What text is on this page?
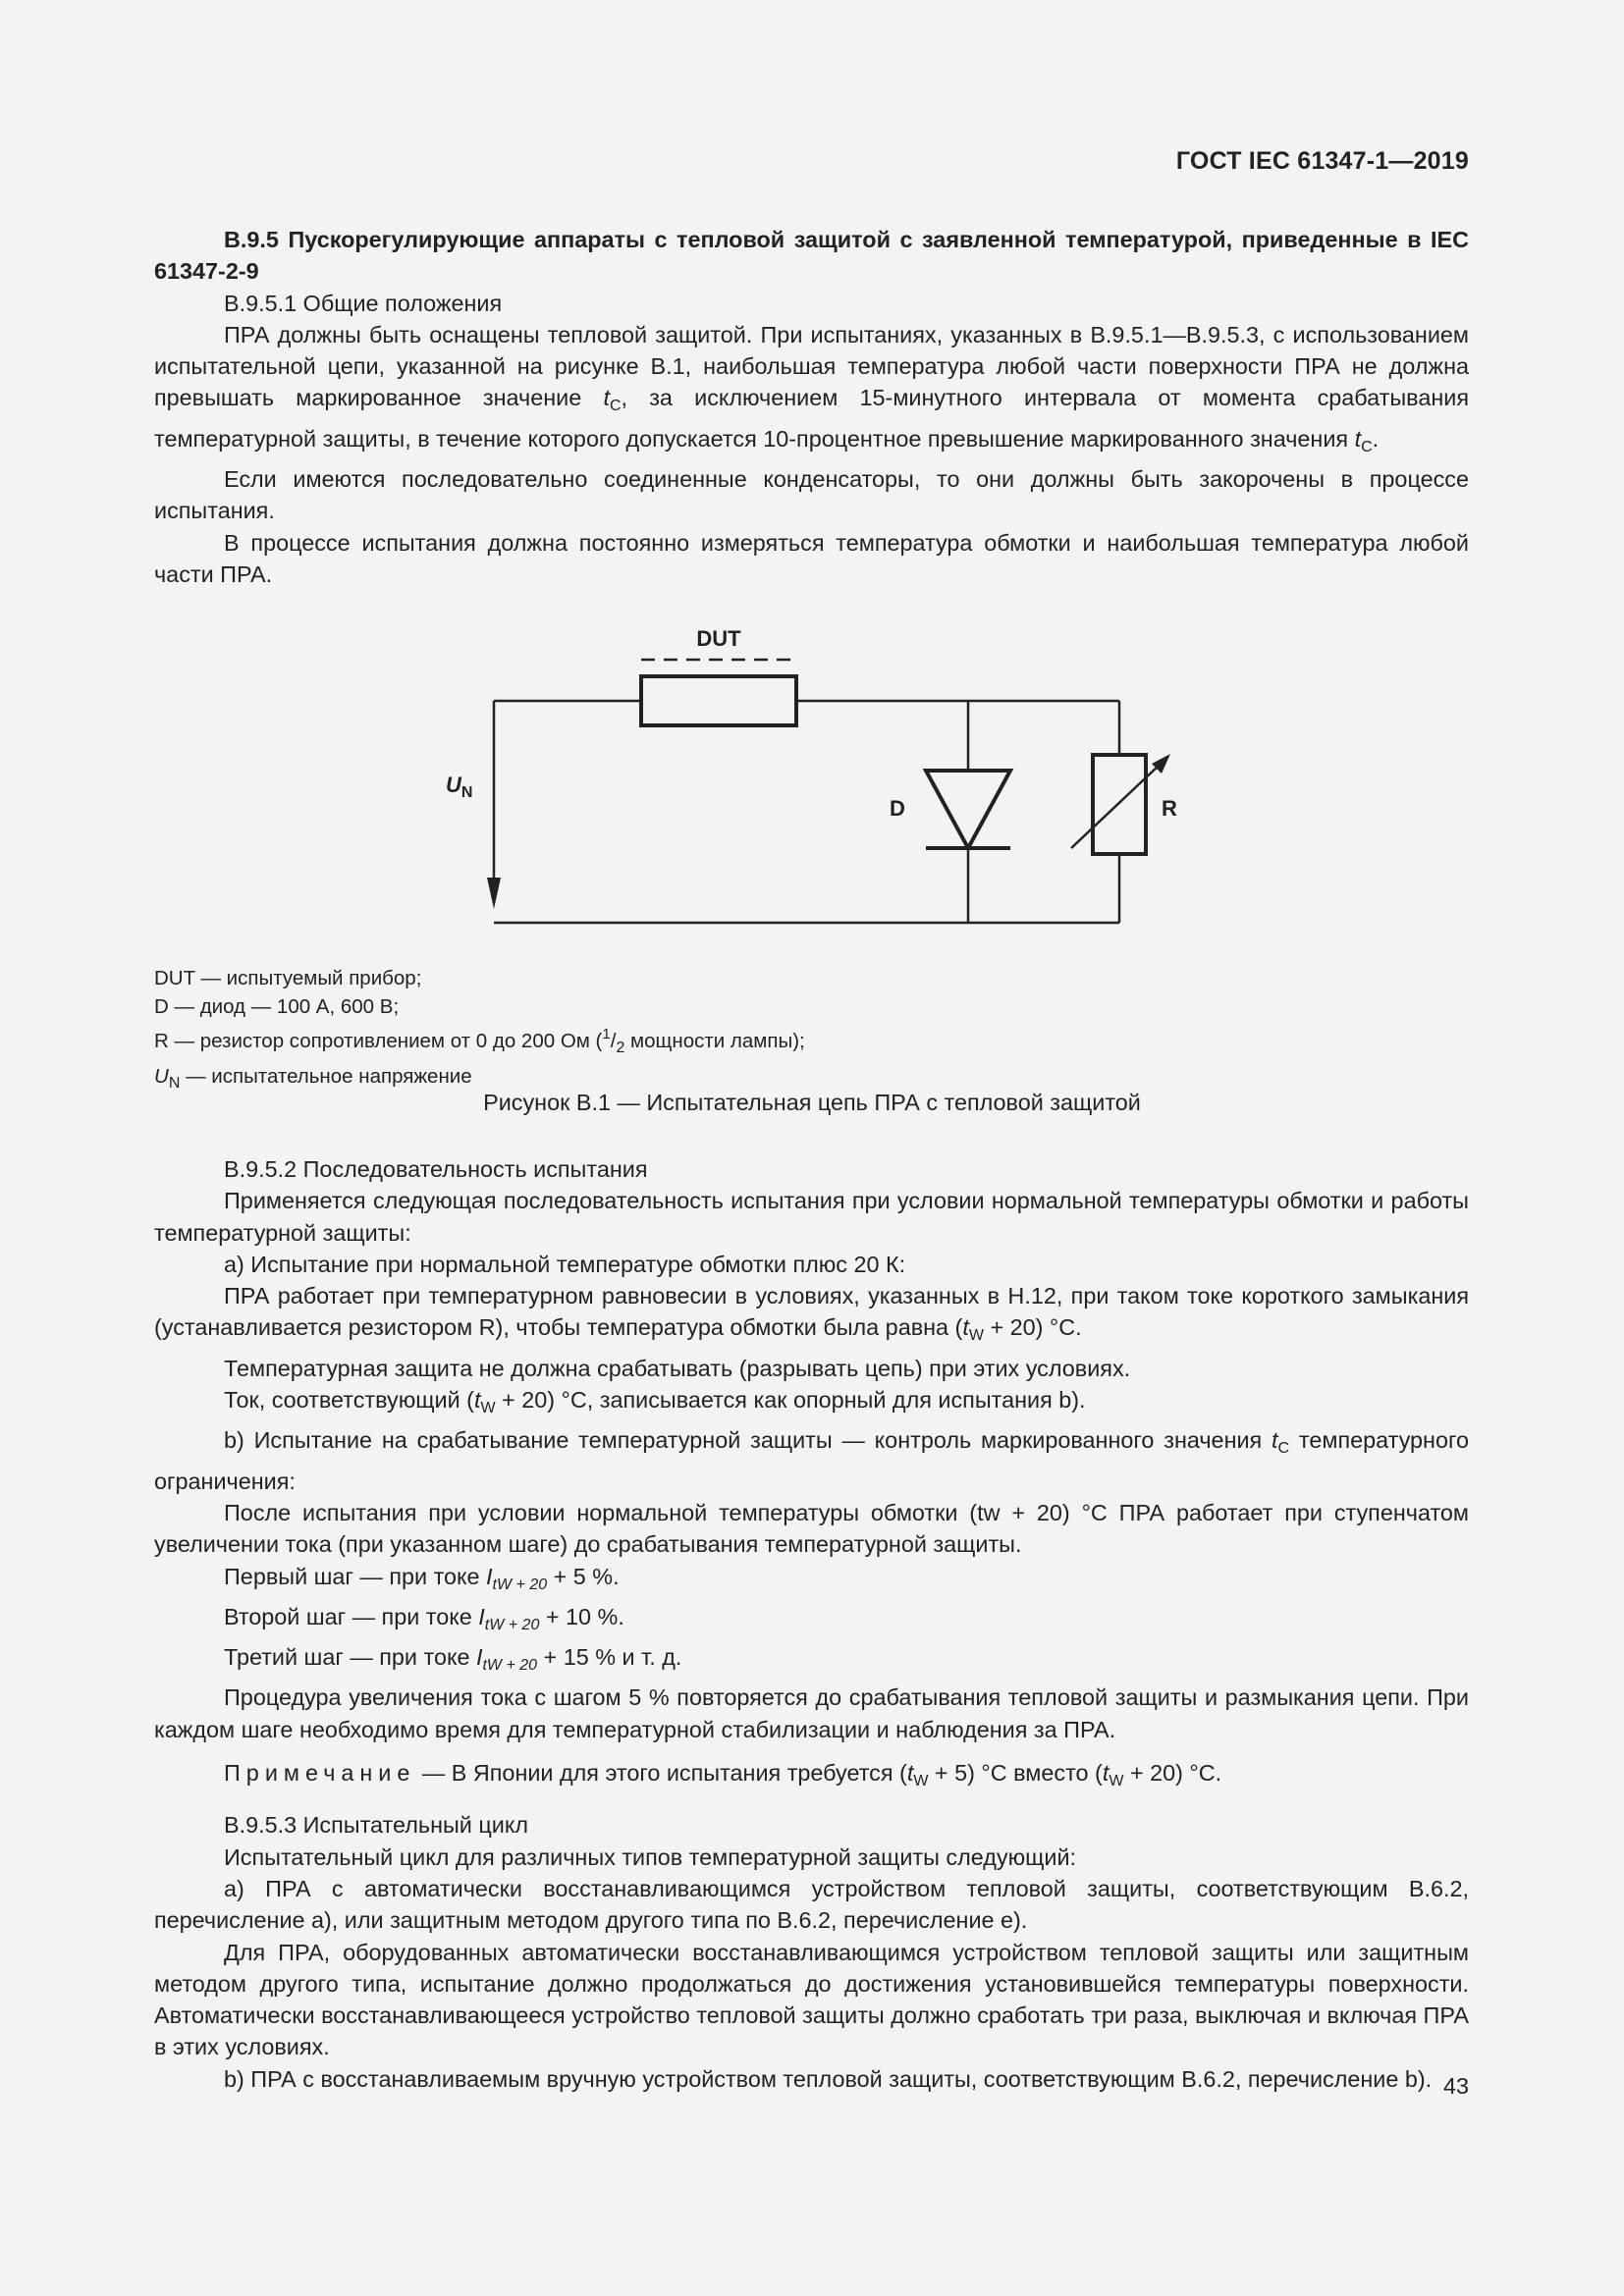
ГОСТ IEC 61347-1—2019

B.9.5 Пускорегулирующие аппараты с тепловой защитой с заявленной температурой, приведенные в IEC 61347-2-9

B.9.5.1 Общие положения

ПРА должны быть оснащены тепловой защитой. При испытаниях, указанных в B.9.5.1—B.9.5.3, с использованием испытательной цепи, указанной на рисунке B.1, наибольшая температура любой части поверхности ПРА не должна превышать маркированное значение $t_C$, за исключением 15-минутного интервала от момента срабатывания температурной защиты, в течение которого допускается 10-процентное превышение маркированного значения $t_C$.

Если имеются последовательно соединенные конденсаторы, то они должны быть закорочены в процессе испытания.

В процессе испытания должна постоянно измеряться температура обмотки и наибольшая температура любой части ПРА.

DUT
$U_N$
D	R
DUT — испытуемый прибор;
D — диод — 100 А, 600 В;
R — резистор сопротивлением от 0 до 200 Ом ($^1/_2$ мощности лампы);
$U_N$ — испытательное напряжение
Рисунок B.1 — Испытательная цепь ПРА с тепловой защитой

B.9.5.2 Последовательность испытания

Применяется следующая последовательность испытания при условии нормальной температуры обмотки и работы температурной защиты:

a) Испытание при нормальной температуре обмотки плюс 20 К:

ПРА работает при температурном равновесии в условиях, указанных в H.12, при таком токе короткого замыкания (устанавливается резистором R), чтобы температура обмотки была равна $(t_W + 20)$ °С.

Температурная защита не должна срабатывать (разрывать цепь) при этих условиях.

Ток, соответствующий $(t_W + 20)$ °С, записывается как опорный для испытания b).

b) Испытание на срабатывание температурной защиты — контроль маркированного значения $t_C$ температурного ограничения:

После испытания при условии нормальной температуры обмотки (tw + 20) °С ПРА работает при ступенчатом увеличении тока (при указанном шаге) до срабатывания температурной защиты.

Первый шаг — при токе $I_{tW + 20} + 5$ %.

Второй шаг — при токе $I_{tW + 20} + 10$ %.

Третий шаг — при токе $I_{tW + 20} + 15$ % и т. д.

Процедура увеличения тока с шагом 5 % повторяется до срабатывания тепловой защиты и размыкания цепи. При каждом шаге необходимо время для температурной стабилизации и наблюдения за ПРА.

Примечание — В Японии для этого испытания требуется $(t_W + 5)$ °С вместо $(t_W + 20)$ °С.

B.9.5.3 Испытательный цикл

Испытательный цикл для различных типов температурной защиты следующий:

a) ПРА с автоматически восстанавливающимся устройством тепловой защиты, соответствующим B.6.2, перечисление a), или защитным методом другого типа по B.6.2, перечисление e).

Для ПРА, оборудованных автоматически восстанавливающимся устройством тепловой защиты или защитным методом другого типа, испытание должно продолжаться до достижения установившейся температуры поверхности. Автоматически восстанавливающееся устройство тепловой защиты должно сработать три раза, выключая и включая ПРА в этих условиях.

b) ПРА с восстанавливаемым вручную устройством тепловой защиты, соответствующим B.6.2, перечисление b). 43
